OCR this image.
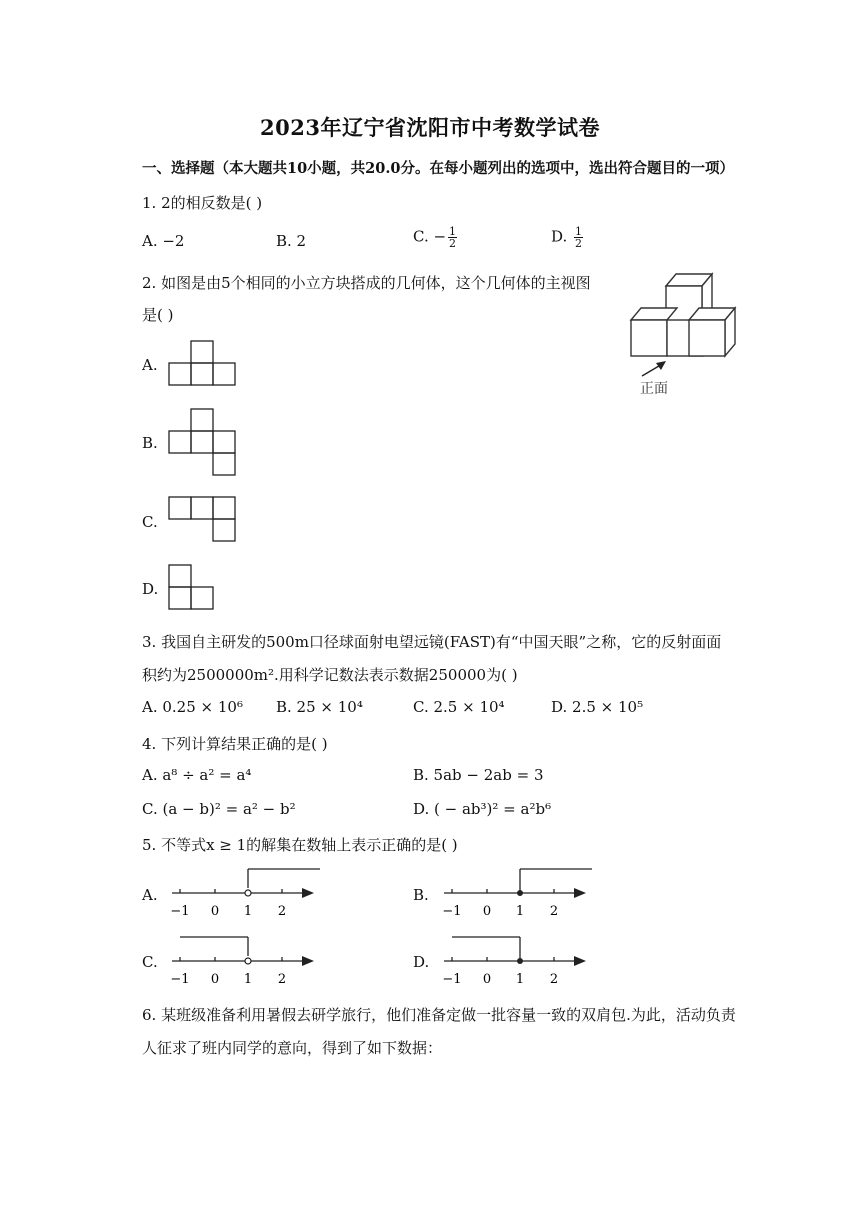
2023年辽宁省沈阳市中考数学试卷
一、选择题（本大题共10小题，共20.0分。在每小题列出的选项中，选出符合题目的一项）
1. 2的相反数是( )
A. −2	B. 2	C. − $\frac{1}{2}$	D. $\frac{1}{2}$
2. 如图是由5个相同的小立方块搭成的几何体，这个几何体的主视图
是( )
正面
A.
B.
C.
D.
3. 我国自主研发的500m口径球面射电望远镜(FAST)有“中国天眼”之称，它的反射面面
积约为2500000m².用科学记数法表示数据250000为( )
A. 0.25 × 10⁶ B. 25 × 10⁴	C. 2.5 × 10⁴	D. 2.5 × 10⁵
4. 下列计算结果正确的是( )
A. a⁸ ÷ a² = a⁴	B. 5ab − 2ab = 3
C. (a − b)² = a² − b²	D. ( − ab³)² = a²b⁶
5. 不等式x ≥ 1的解集在数轴上表示正确的是( )
A.	B.
C.	D.
−1 0 1 2	−1 0 1 2
−1 0 1 2	−1 0 1 2
6. 某班级准备利用暑假去研学旅行，他们准备定做一批容量一致的双肩包.为此，活动负责
人征求了班内同学的意向，得到了如下数据：
